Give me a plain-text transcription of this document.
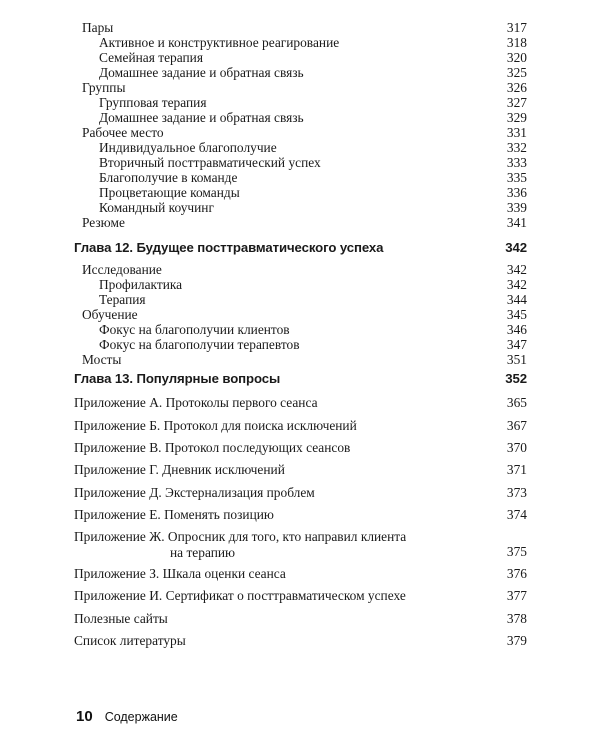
Пары	317
Активное и конструктивное реагирование	318
Семейная терапия	320
Домашнее задание и обратная связь	325
Группы	326
Групповая терапия	327
Домашнее задание и обратная связь	329
Рабочее место	331
Индивидуальное благополучие	332
Вторичный посттравматический успех	333
Благополучие в команде	335
Процветающие команды	336
Командный коучинг	339
Резюме	341
Глава 12. Будущее посттравматического успеха	342
Исследование	342
Профилактика	342
Терапия	344
Обучение	345
Фокус на благополучии клиентов	346
Фокус на благополучии терапевтов	347
Мосты	351
Глава 13. Популярные вопросы	352
Приложение А. Протоколы первого сеанса	365
Приложение Б. Протокол для поиска исключений	367
Приложение В. Протокол последующих сеансов	370
Приложение Г. Дневник исключений	371
Приложение Д. Экстернализация проблем	373
Приложение Е. Поменять позицию	374
Приложение Ж. Опросник для того, кто направил клиента
на терапию	375
Приложение З. Шкала оценки сеанса	376
Приложение И. Сертификат о посттравматическом успехе	377
Полезные сайты	378
Список литературы	379
10 Содержание
